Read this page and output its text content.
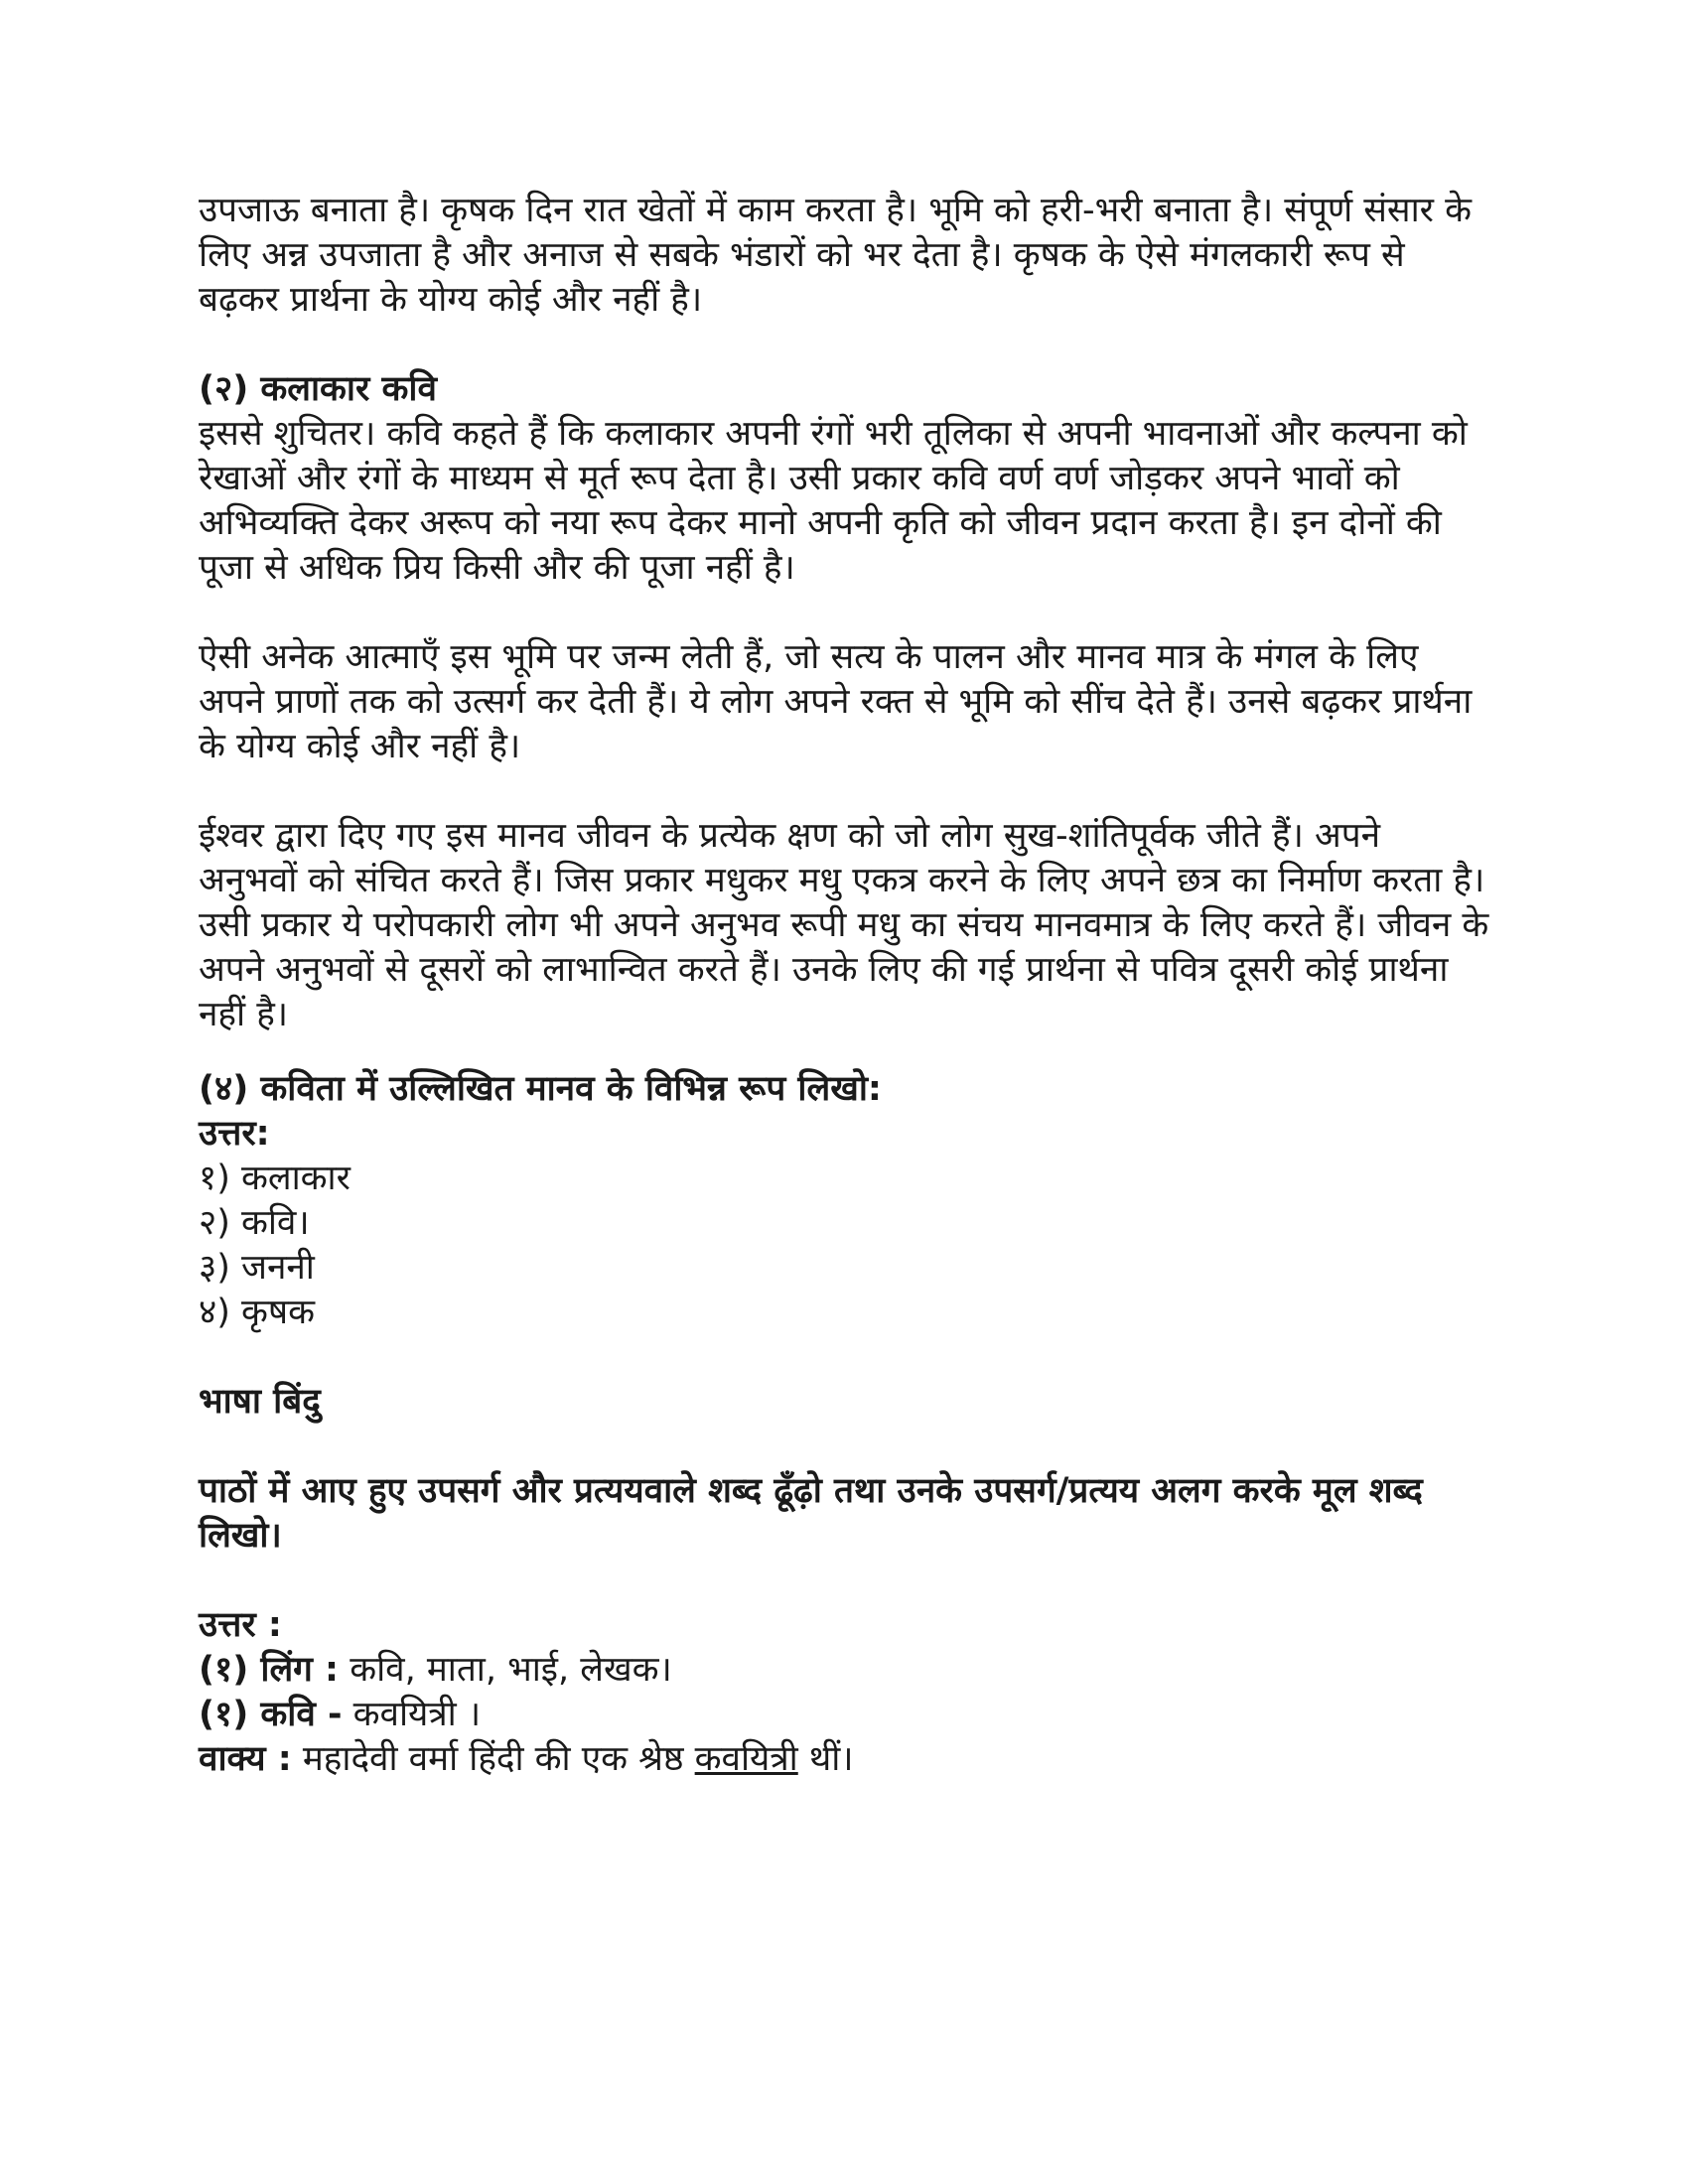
उपजाऊ बनाता है। कृषक दिन रात खेतों में काम करता है। भूमि को हरी-भरी बनाता है। संपूर्ण संसार के लिए अन्न उपजाता है और अनाज से सबके भंडारों को भर देता है। कृषक के ऐसे मंगलकारी रूप से बढ़कर प्रार्थना के योग्य कोई और नहीं है।

(२) कलाकार कवि

इससे शुचितर। कवि कहते हैं कि कलाकार अपनी रंगों भरी तूलिका से अपनी भावनाओं और कल्पना को रेखाओं और रंगों के माध्यम से मूर्त रूप देता है। उसी प्रकार कवि वर्ण वर्ण जोड़कर अपने भावों को अभिव्यक्ति देकर अरूप को नया रूप देकर मानो अपनी कृति को जीवन प्रदान करता है। इन दोनों की पूजा से अधिक प्रिय किसी और की पूजा नहीं है।

ऐसी अनेक आत्माएँ इस भूमि पर जन्म लेती हैं, जो सत्य के पालन और मानव मात्र के मंगल के लिए अपने प्राणों तक को उत्सर्ग कर देती हैं। ये लोग अपने रक्त से भूमि को सींच देते हैं। उनसे बढ़कर प्रार्थना के योग्य कोई और नहीं है।

ईश्वर द्वारा दिए गए इस मानव जीवन के प्रत्येक क्षण को जो लोग सुख-शांतिपूर्वक जीते हैं। अपने अनुभवों को संचित करते हैं। जिस प्रकार मधुकर मधु एकत्र करने के लिए अपने छत्र का निर्माण करता है। उसी प्रकार ये परोपकारी लोग भी अपने अनुभव रूपी मधु का संचय मानवमात्र के लिए करते हैं। जीवन के अपने अनुभवों से दूसरों को लाभान्वित करते हैं। उनके लिए की गई प्रार्थना से पवित्र दूसरी कोई प्रार्थना नहीं है।

(४) कविता में उल्लिखित मानव के विभिन्न रूप लिखो:

उत्तर:

१) कलाकार

२) कवि।

३) जननी

४) कृषक

भाषा बिंदु

पाठों में आए हुए उपसर्ग और प्रत्ययवाले शब्द ढूँढ़ो तथा उनके उपसर्ग/प्रत्यय अलग करके मूल शब्द लिखो।

उत्तर :

(१) लिंग : कवि, माता, भाई, लेखक।

(१) कवि - कवयित्री ।

वाक्य : महादेवी वर्मा हिंदी की एक श्रेष्ठ कवयित्री थीं।
